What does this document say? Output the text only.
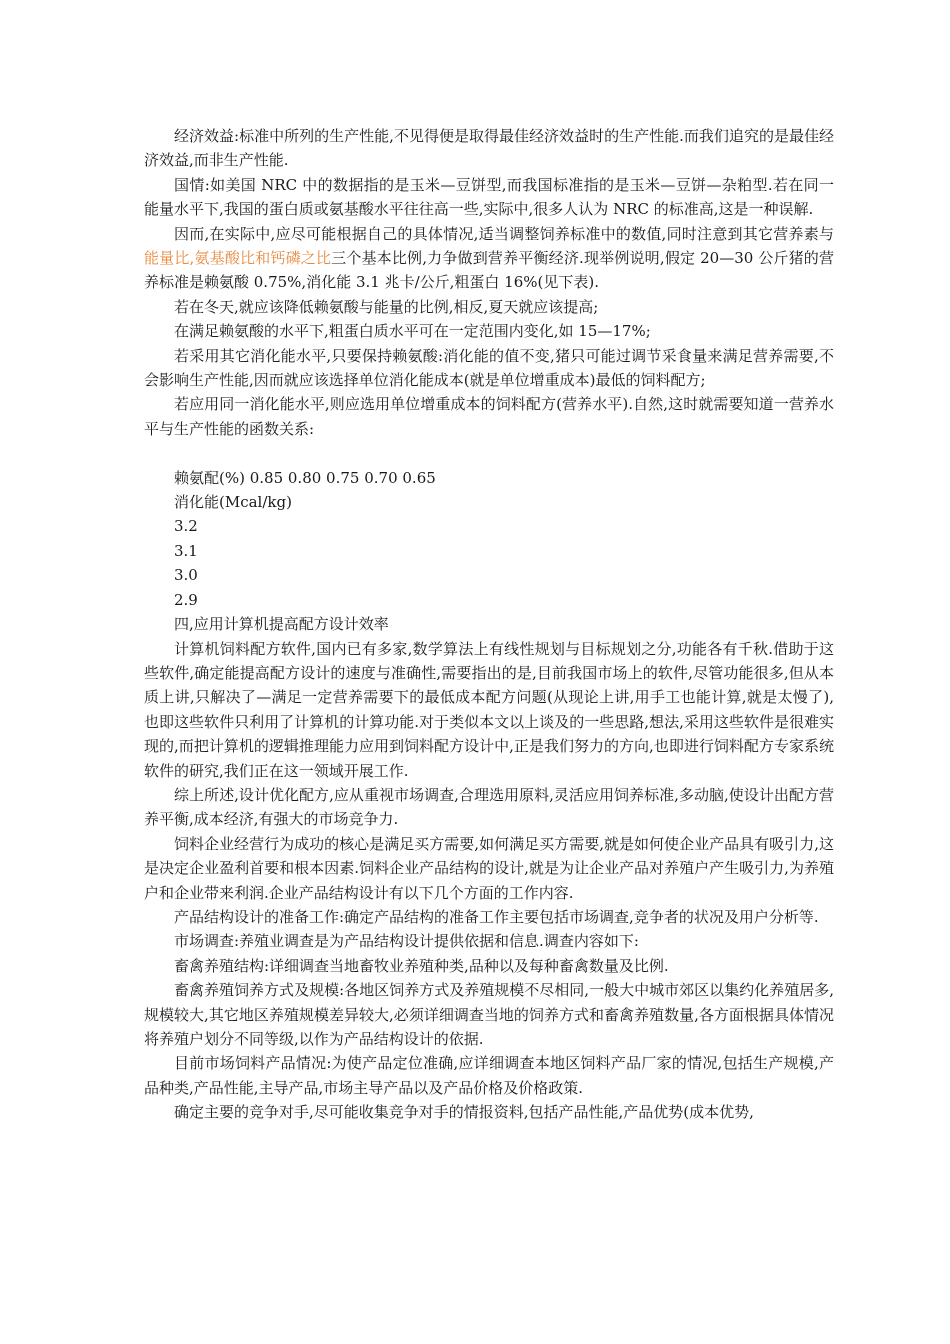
经济效益:标准中所列的生产性能,不见得便是取得最佳经济效益时的生产性能.而我们追究的是最佳经济效益,而非生产性能.

国情:如美国 NRC 中的数据指的是玉米—豆饼型,而我国标准指的是玉米—豆饼—杂粕型.若在同一能量水平下,我国的蛋白质或氨基酸水平往往高一些,实际中,很多人认为 NRC 的标准高,这是一种误解.

因而,在实际中,应尽可能根据自己的具体情况,适当调整饲养标准中的数值,同时注意到其它营养素与能量比,氨基酸比和钙磷之比三个基本比例,力争做到营养平衡经济.现举例说明,假定 20—30 公斤猪的营养标准是赖氨酸 0.75%,消化能 3.1 兆卡/公斤,粗蛋白 16%(见下表).

若在冬天,就应该降低赖氨酸与能量的比例,相反,夏天就应该提高;

在满足赖氨酸的水平下,粗蛋白质水平可在一定范围内变化,如 15—17%;

若采用其它消化能水平,只要保持赖氨酸:消化能的值不变,猪只可能过调节采食量来满足营养需要,不会影响生产性能,因而就应该选择单位消化能成本(就是单位增重成本)最低的饲料配方;

若应用同一消化能水平,则应选用单位增重成本的饲料配方(营养水平).自然,这时就需要知道一营养水平与生产性能的函数关系:

赖氨配(%) 0.85 0.80 0.75 0.70 0.65

消化能(Mcal/kg)

3.2

3.1

3.0

2.9

四,应用计算机提高配方设计效率

计算机饲料配方软件,国内已有多家,数学算法上有线性规划与目标规划之分,功能各有千秋.借助于这些软件,确定能提高配方设计的速度与准确性,需要指出的是,目前我国市场上的软件,尽管功能很多,但从本质上讲,只解决了—满足一定营养需要下的最低成本配方问题(从现论上讲,用手工也能计算,就是太慢了),也即这些软件只利用了计算机的计算功能.对于类似本文以上谈及的一些思路,想法,采用这些软件是很难实现的,而把计算机的逻辑推理能力应用到饲料配方设计中,正是我们努力的方向,也即进行饲料配方专家系统软件的研究,我们正在这一领域开展工作.

综上所述,设计优化配方,应从重视市场调查,合理选用原料,灵活应用饲养标准,多动脑,使设计出配方营养平衡,成本经济,有强大的市场竞争力.

饲料企业经营行为成功的核心是满足买方需要,如何满足买方需要,就是如何使企业产品具有吸引力,这是决定企业盈利首要和根本因素.饲料企业产品结构的设计,就是为让企业产品对养殖户产生吸引力,为养殖户和企业带来利润.企业产品结构设计有以下几个方面的工作内容.

产品结构设计的准备工作:确定产品结构的准备工作主要包括市场调查,竞争者的状况及用户分析等.

市场调查:养殖业调查是为产品结构设计提供依据和信息.调查内容如下:

畜禽养殖结构:详细调查当地畜牧业养殖种类,品种以及每种畜禽数量及比例.

畜禽养殖饲养方式及规模:各地区饲养方式及养殖规模不尽相同,一般大中城市郊区以集约化养殖居多,规模较大,其它地区养殖规模差异较大,必须详细调查当地的饲养方式和畜禽养殖数量,各方面根据具体情况将养殖户划分不同等级,以作为产品结构设计的依据.

目前市场饲料产品情况:为使产品定位准确,应详细调查本地区饲料产品厂家的情况,包括生产规模,产品种类,产品性能,主导产品,市场主导产品以及产品价格及价格政策.

确定主要的竞争对手,尽可能收集竞争对手的情报资料,包括产品性能,产品优势(成本优势,
